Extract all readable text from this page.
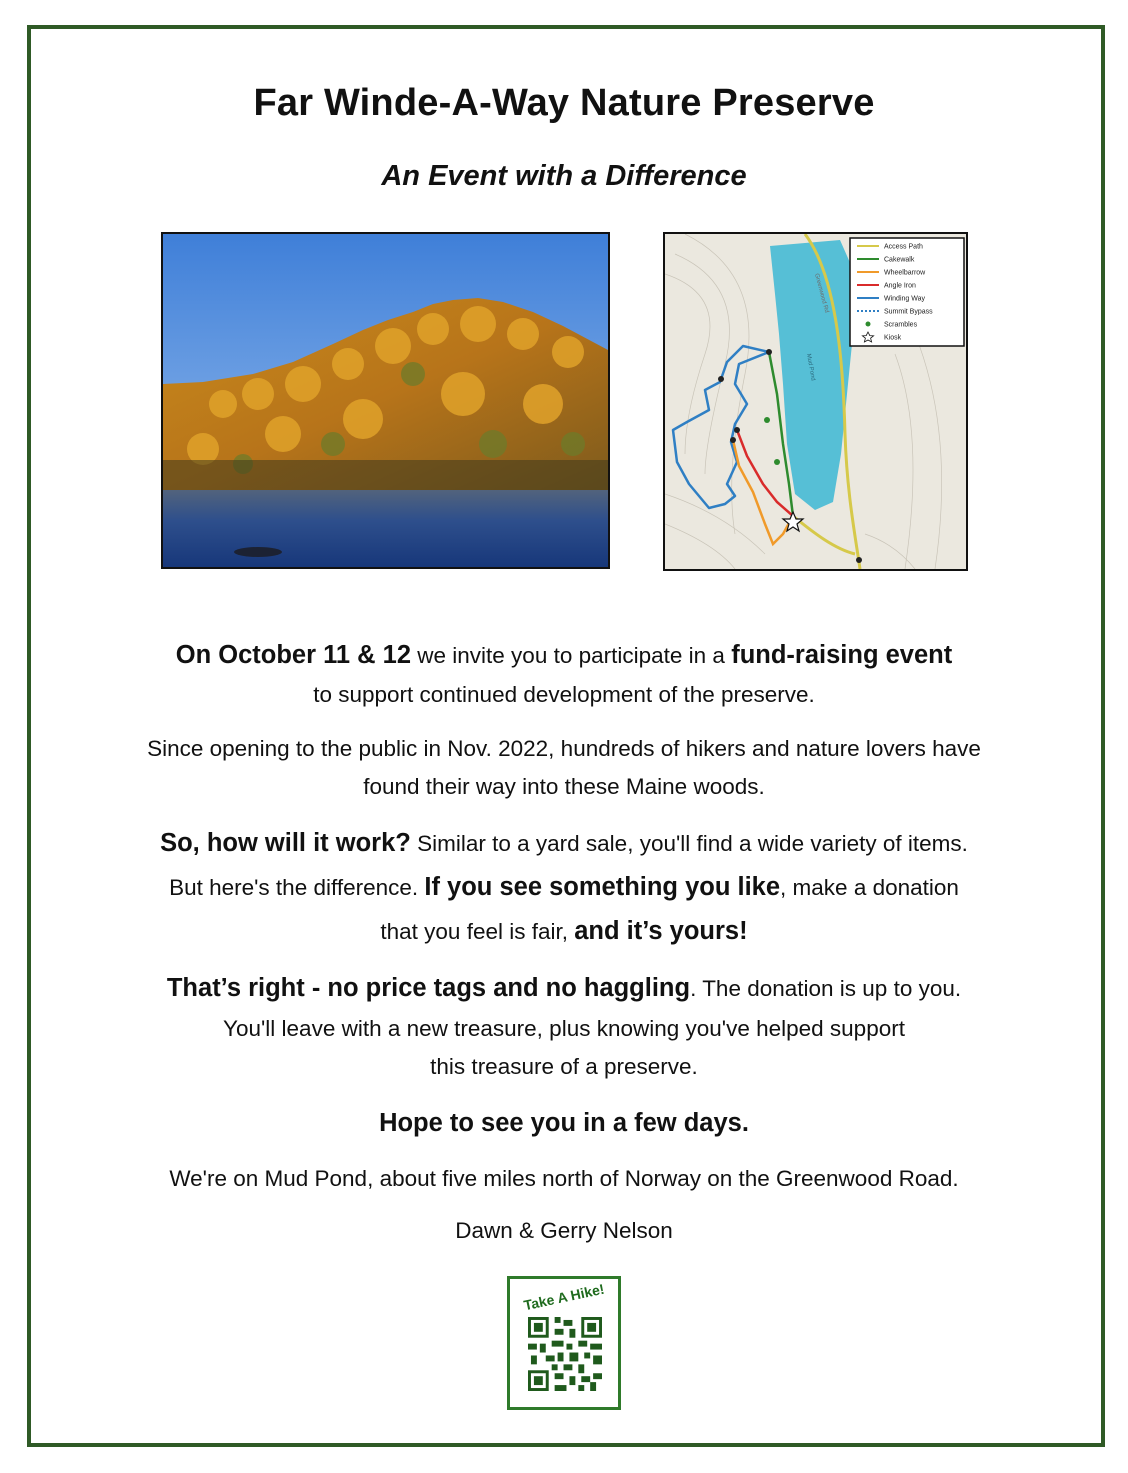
Far Winde-A-Way Nature Preserve
An Event with a Difference
Mud Pond
Greenwood Rd
Access Path
Cakewalk
Wheelbarrow
Angle Iron
Winding Way
Summit Bypass
Scrambles
Kiosk

On October 11 & 12 we invite you to participate in a fund-raising event

to support continued development of the preserve.

Since opening to the public in Nov. 2022, hundreds of hikers and nature lovers have

found their way into these Maine woods.

So, how will it work? Similar to a yard sale, you'll find a wide variety of items.

But here's the difference. If you see something you like, make a donation

that you feel is fair, and it’s yours!

That’s right - no price tags and no haggling. The donation is up to you.

You'll leave with a new treasure, plus knowing you've helped support

this treasure of a preserve.

Hope to see you in a few days.

We're on Mud Pond, about five miles north of Norway on the Greenwood Road.

Dawn & Gerry Nelson

Take A Hike!
